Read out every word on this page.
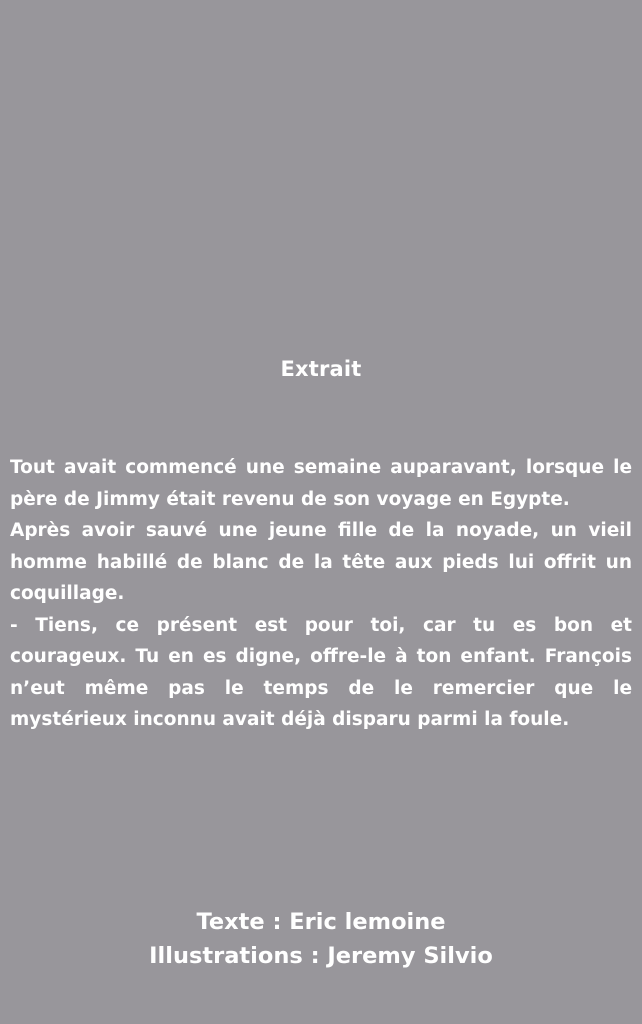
Extrait

Tout avait commencé une semaine auparavant, lorsque le père de Jimmy était revenu de son voyage en Egypte.

Après avoir sauvé une jeune fille de la noyade, un vieil homme habillé de blanc de la tête aux pieds lui offrit un coquillage.

- Tiens, ce présent est pour toi, car tu es bon et courageux. Tu en es digne, offre-le à ton enfant. François n’eut même pas le temps de le remercier que le mystérieux inconnu avait déjà disparu parmi la foule.

Texte : Eric lemoine
Illustrations : Jeremy Silvio
